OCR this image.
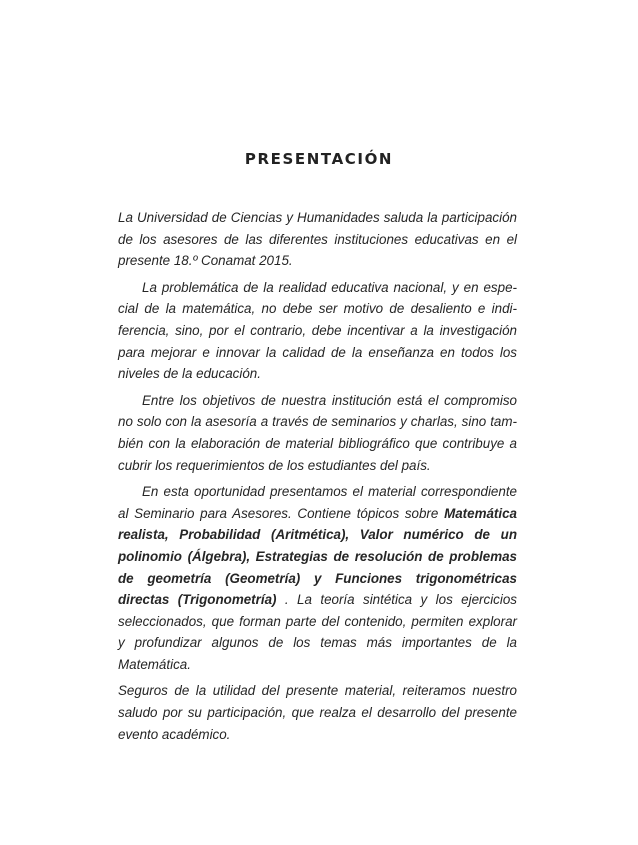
PRESENTACIÓN

La Universidad de Ciencias y Humanidades saluda la participación de los asesores de las diferentes instituciones educativas en el presente 18.º Conamat 2015.

La problemática de la realidad educativa nacional, y en especial de la matemática, no debe ser motivo de desaliento e indiferencia, sino, por el contrario, debe incentivar a la investigación para mejorar e innovar la calidad de la enseñanza en todos los niveles de la educación.

Entre los objetivos de nuestra institución está el compromiso no solo con la asesoría a través de seminarios y charlas, sino también con la elaboración de material bibliográfico que contribuye a cubrir los requerimientos de los estudiantes del país.

En esta oportunidad presentamos el material correspondiente al Seminario para Asesores. Contiene tópicos sobre Matemática realista, Probabilidad (Aritmética), Valor numérico de un polinomio (Álgebra), Estrategias de resolución de problemas de geometría (Geometría) y Funciones trigonométricas directas (Trigonometría) . La teoría sintética y los ejercicios seleccionados, que forman parte del contenido, permiten explorar y profundizar algunos de los temas más importantes de la Matemática.

Seguros de la utilidad del presente material, reiteramos nuestro saludo por su participación, que realza el desarrollo del presente evento académico.
